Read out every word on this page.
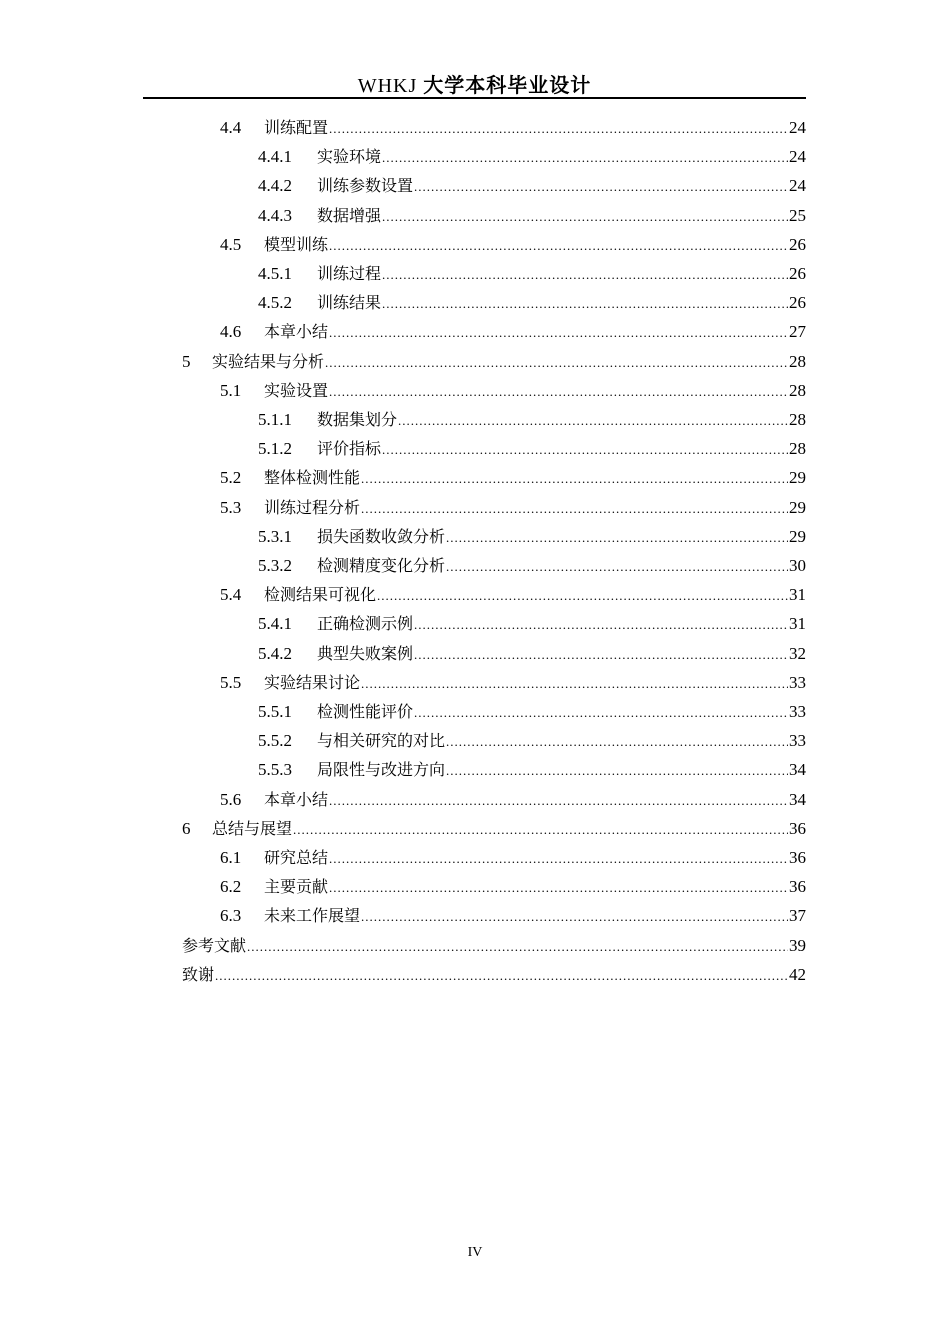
WHKJ 大学本科毕业设计
4.4	训练配置 .....	24
4.4.1	实验环境 .....	24
4.4.2	训练参数设置 .....	24
4.4.3	数据增强 .....	25
4.5	模型训练 .....	26
4.5.1	训练过程 .....	26
4.5.2	训练结果 .....	26
4.6	本章小结 .....	27
5	实验结果与分析 .....	28
5.1	实验设置 .....	28
5.1.1	数据集划分 .....	28
5.1.2	评价指标 .....	28
5.2	整体检测性能 .....	29
5.3	训练过程分析 .....	29
5.3.1	损失函数收敛分析 .....	29
5.3.2	检测精度变化分析 .....	30
5.4	检测结果可视化 .....	31
5.4.1	正确检测示例 .....	31
5.4.2	典型失败案例 .....	32
5.5	实验结果讨论 .....	33
5.5.1	检测性能评价 .....	33
5.5.2	与相关研究的对比 .....	33
5.5.3	局限性与改进方向 .....	34
5.6	本章小结 .....	34
6	总结与展望 .....	36
6.1	研究总结 .....	36
6.2	主要贡献 .....	36
6.3	未来工作展望 .....	37
参考文献 .....	39
致谢 .....	42
IV
